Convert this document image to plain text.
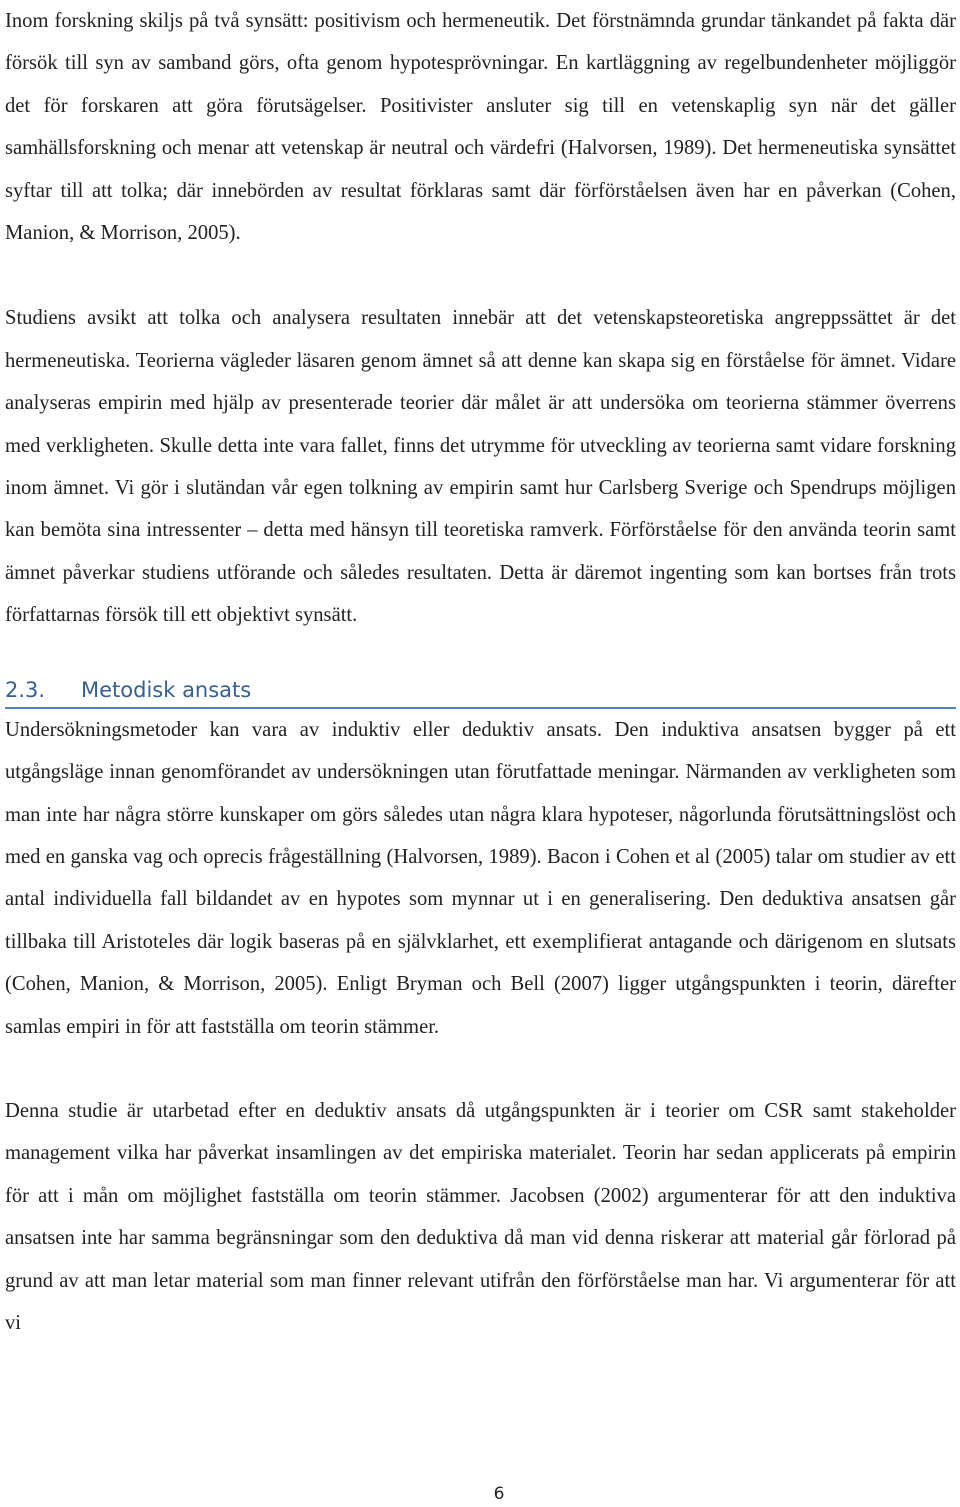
Inom forskning skiljs på två synsätt: positivism och hermeneutik. Det förstnämnda grundar tänkandet på fakta där försök till syn av samband görs, ofta genom hypotesprövningar. En kartläggning av regelbundenheter möjliggör det för forskaren att göra förutsägelser. Positivister ansluter sig till en vetenskaplig syn när det gäller samhällsforskning och menar att vetenskap är neutral och värdefri (Halvorsen, 1989). Det hermeneutiska synsättet syftar till att tolka; där innebörden av resultat förklaras samt där förförståelsen även har en påverkan (Cohen, Manion, & Morrison, 2005).

Studiens avsikt att tolka och analysera resultaten innebär att det vetenskapsteoretiska angreppssättet är det hermeneutiska. Teorierna vägleder läsaren genom ämnet så att denne kan skapa sig en förståelse för ämnet. Vidare analyseras empirin med hjälp av presenterade teorier där målet är att undersöka om teorierna stämmer överrens med verkligheten. Skulle detta inte vara fallet, finns det utrymme för utveckling av teorierna samt vidare forskning inom ämnet. Vi gör i slutändan vår egen tolkning av empirin samt hur Carlsberg Sverige och Spendrups möjligen kan bemöta sina intressenter – detta med hänsyn till teoretiska ramverk. Förförståelse för den använda teorin samt ämnet påverkar studiens utförande och således resultaten. Detta är däremot ingenting som kan bortses från trots författarnas försök till ett objektivt synsätt.

2.3.	Metodisk ansats

Undersökningsmetoder kan vara av induktiv eller deduktiv ansats. Den induktiva ansatsen bygger på ett utgångsläge innan genomförandet av undersökningen utan förutfattade meningar. Närmanden av verkligheten som man inte har några större kunskaper om görs således utan några klara hypoteser, någorlunda förutsättningslöst och med en ganska vag och oprecis frågeställning (Halvorsen, 1989). Bacon i Cohen et al (2005) talar om studier av ett antal individuella fall bildandet av en hypotes som mynnar ut i en generalisering. Den deduktiva ansatsen går tillbaka till Aristoteles där logik baseras på en självklarhet, ett exemplifierat antagande och därigenom en slutsats (Cohen, Manion, & Morrison, 2005). Enligt Bryman och Bell (2007) ligger utgångspunkten i teorin, därefter samlas empiri in för att fastställa om teorin stämmer.

Denna studie är utarbetad efter en deduktiv ansats då utgångspunkten är i teorier om CSR samt stakeholder management vilka har påverkat insamlingen av det empiriska materialet. Teorin har sedan applicerats på empirin för att i mån om möjlighet fastställa om teorin stämmer. Jacobsen (2002) argumenterar för att den induktiva ansatsen inte har samma begränsningar som den deduktiva då man vid denna riskerar att material går förlorad på grund av att man letar material som man finner relevant utifrån den förförståelse man har. Vi argumenterar för att vi

6
